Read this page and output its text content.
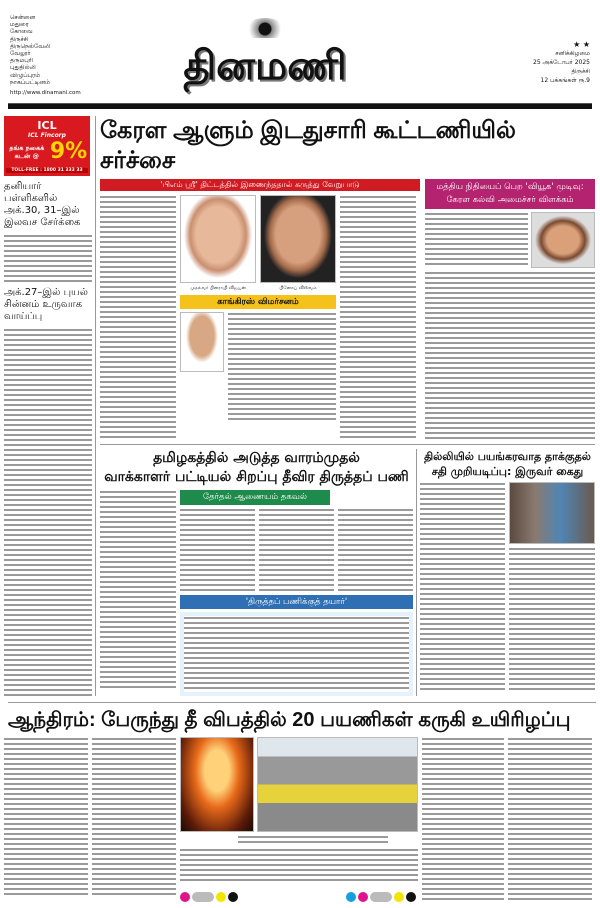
சென்னை
மதுரை
கோவை
திருச்சி
திருநெல்வேலி
வேலூர்
தருமபுரி
புதுதில்லி
விழுப்புரம்
நாகப்பட்டினம்
http://www.dinamani.com
தினமணி	★ ★
சனிக்கிழமை
25 அக்டோபர் 2025
திருச்சி
12 பக்கங்கள் ரூ.9
ICL
ICL Fincorp
தங்க நகைக் கடன் @ 9%
TOLL-FREE : 1800 31 333 33
தனியார் பள்ளிகளில் அக்.30, 31–இல் இலவச சேர்க்கை
அக்.27–இல் புயல் சின்னம் உருவாக வாய்ப்பு
கேரள ஆளும் இடதுசாரி கூட்டணியில் சர்ச்சை
'பிஎம் ஸ்ரீ' திட்டத்தில் இணைந்ததால் கருத்து வேறுபாடு
முதல்வர் பினராயி விஜயன்	பினோய் விஸ்வம்
காங்கிரஸ் விமர்சனம்
மத்திய நிதியைப் பெற 'வியூக' முடிவு: கேரள கல்வி அமைச்சர் விளக்கம்
தமிழகத்தில் அடுத்த வாரம்முதல்
வாக்காளர் பட்டியல் சிறப்பு தீவிர திருத்தப் பணி
தேர்தல் ஆணையம் தகவல்
'திருத்தப் பணிக்குத் தயார்'
தில்லியில் பயங்கரவாத தாக்குதல் சதி முறியடிப்பு: இருவர் கைது
ஆந்திரம்: பேருந்து தீ விபத்தில் 20 பயணிகள் கருகி உயிரிழப்பு
